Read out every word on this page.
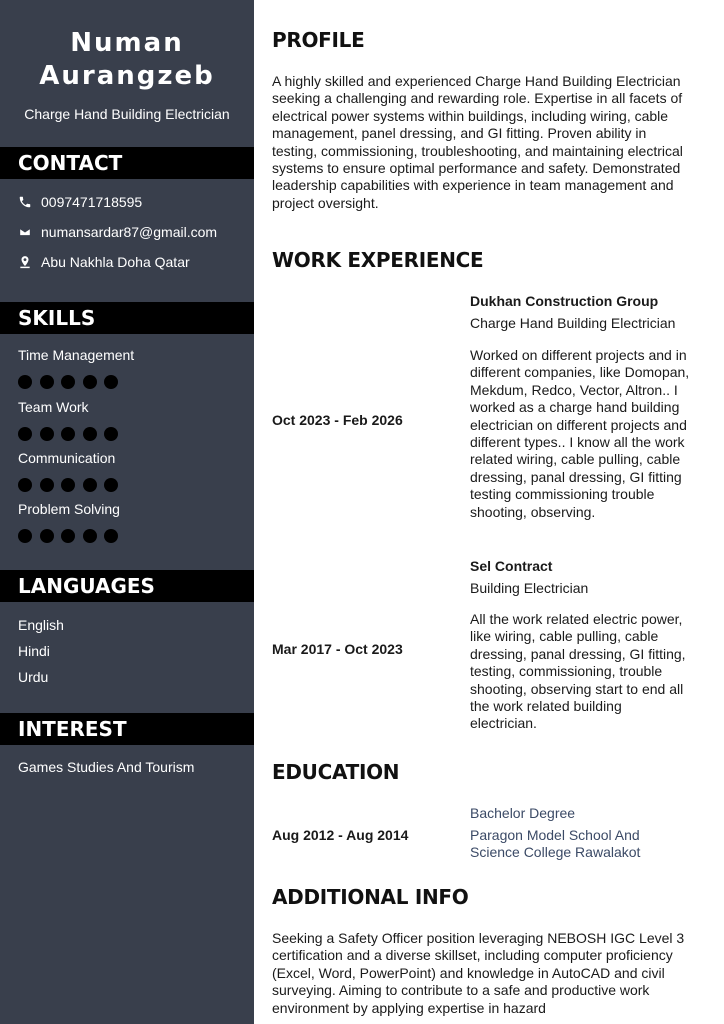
Numan
Aurangzeb
Charge Hand Building Electrician
CONTACT
0097471718595
numansardar87@gmail.com
Abu Nakhla Doha Qatar
SKILLS
Time Management
Team Work
Communication
Problem Solving
LANGUAGES
English
Hindi
Urdu
INTEREST
Games Studies And Tourism
PROFILE
A highly skilled and experienced Charge Hand Building Electrician seeking a challenging and rewarding role. Expertise in all facets of electrical power systems within buildings, including wiring, cable management, panel dressing, and GI fitting. Proven ability in testing, commissioning, troubleshooting, and maintaining electrical systems to ensure optimal performance and safety. Demonstrated leadership capabilities with experience in team management and project oversight.
WORK EXPERIENCE
Dukhan Construction Group
Charge Hand Building Electrician
Oct 2023 - Feb 2026
Worked on different projects and in different companies, like Domopan, Mekdum, Redco, Vector, Altron.. I worked as a charge hand building electrician on different projects and different types.. I know all the work related wiring, cable pulling, cable dressing, panal dressing, GI fitting testing commissioning trouble shooting, observing.
Sel Contract
Building Electrician
Mar 2017 - Oct 2023
All the work related electric power, like wiring, cable pulling, cable dressing, panal dressing, GI fitting, testing, commissioning, trouble shooting, observing start to end all the work related building electrician.
EDUCATION
Bachelor Degree
Aug 2012 - Aug 2014	Paragon Model School And Science College Rawalakot
ADDITIONAL INFO
Seeking a Safety Officer position leveraging NEBOSH IGC Level 3 certification and a diverse skillset, including computer proficiency (Excel, Word, PowerPoint) and knowledge in AutoCAD and civil surveying. Aiming to contribute to a safe and productive work environment by applying expertise in hazard
